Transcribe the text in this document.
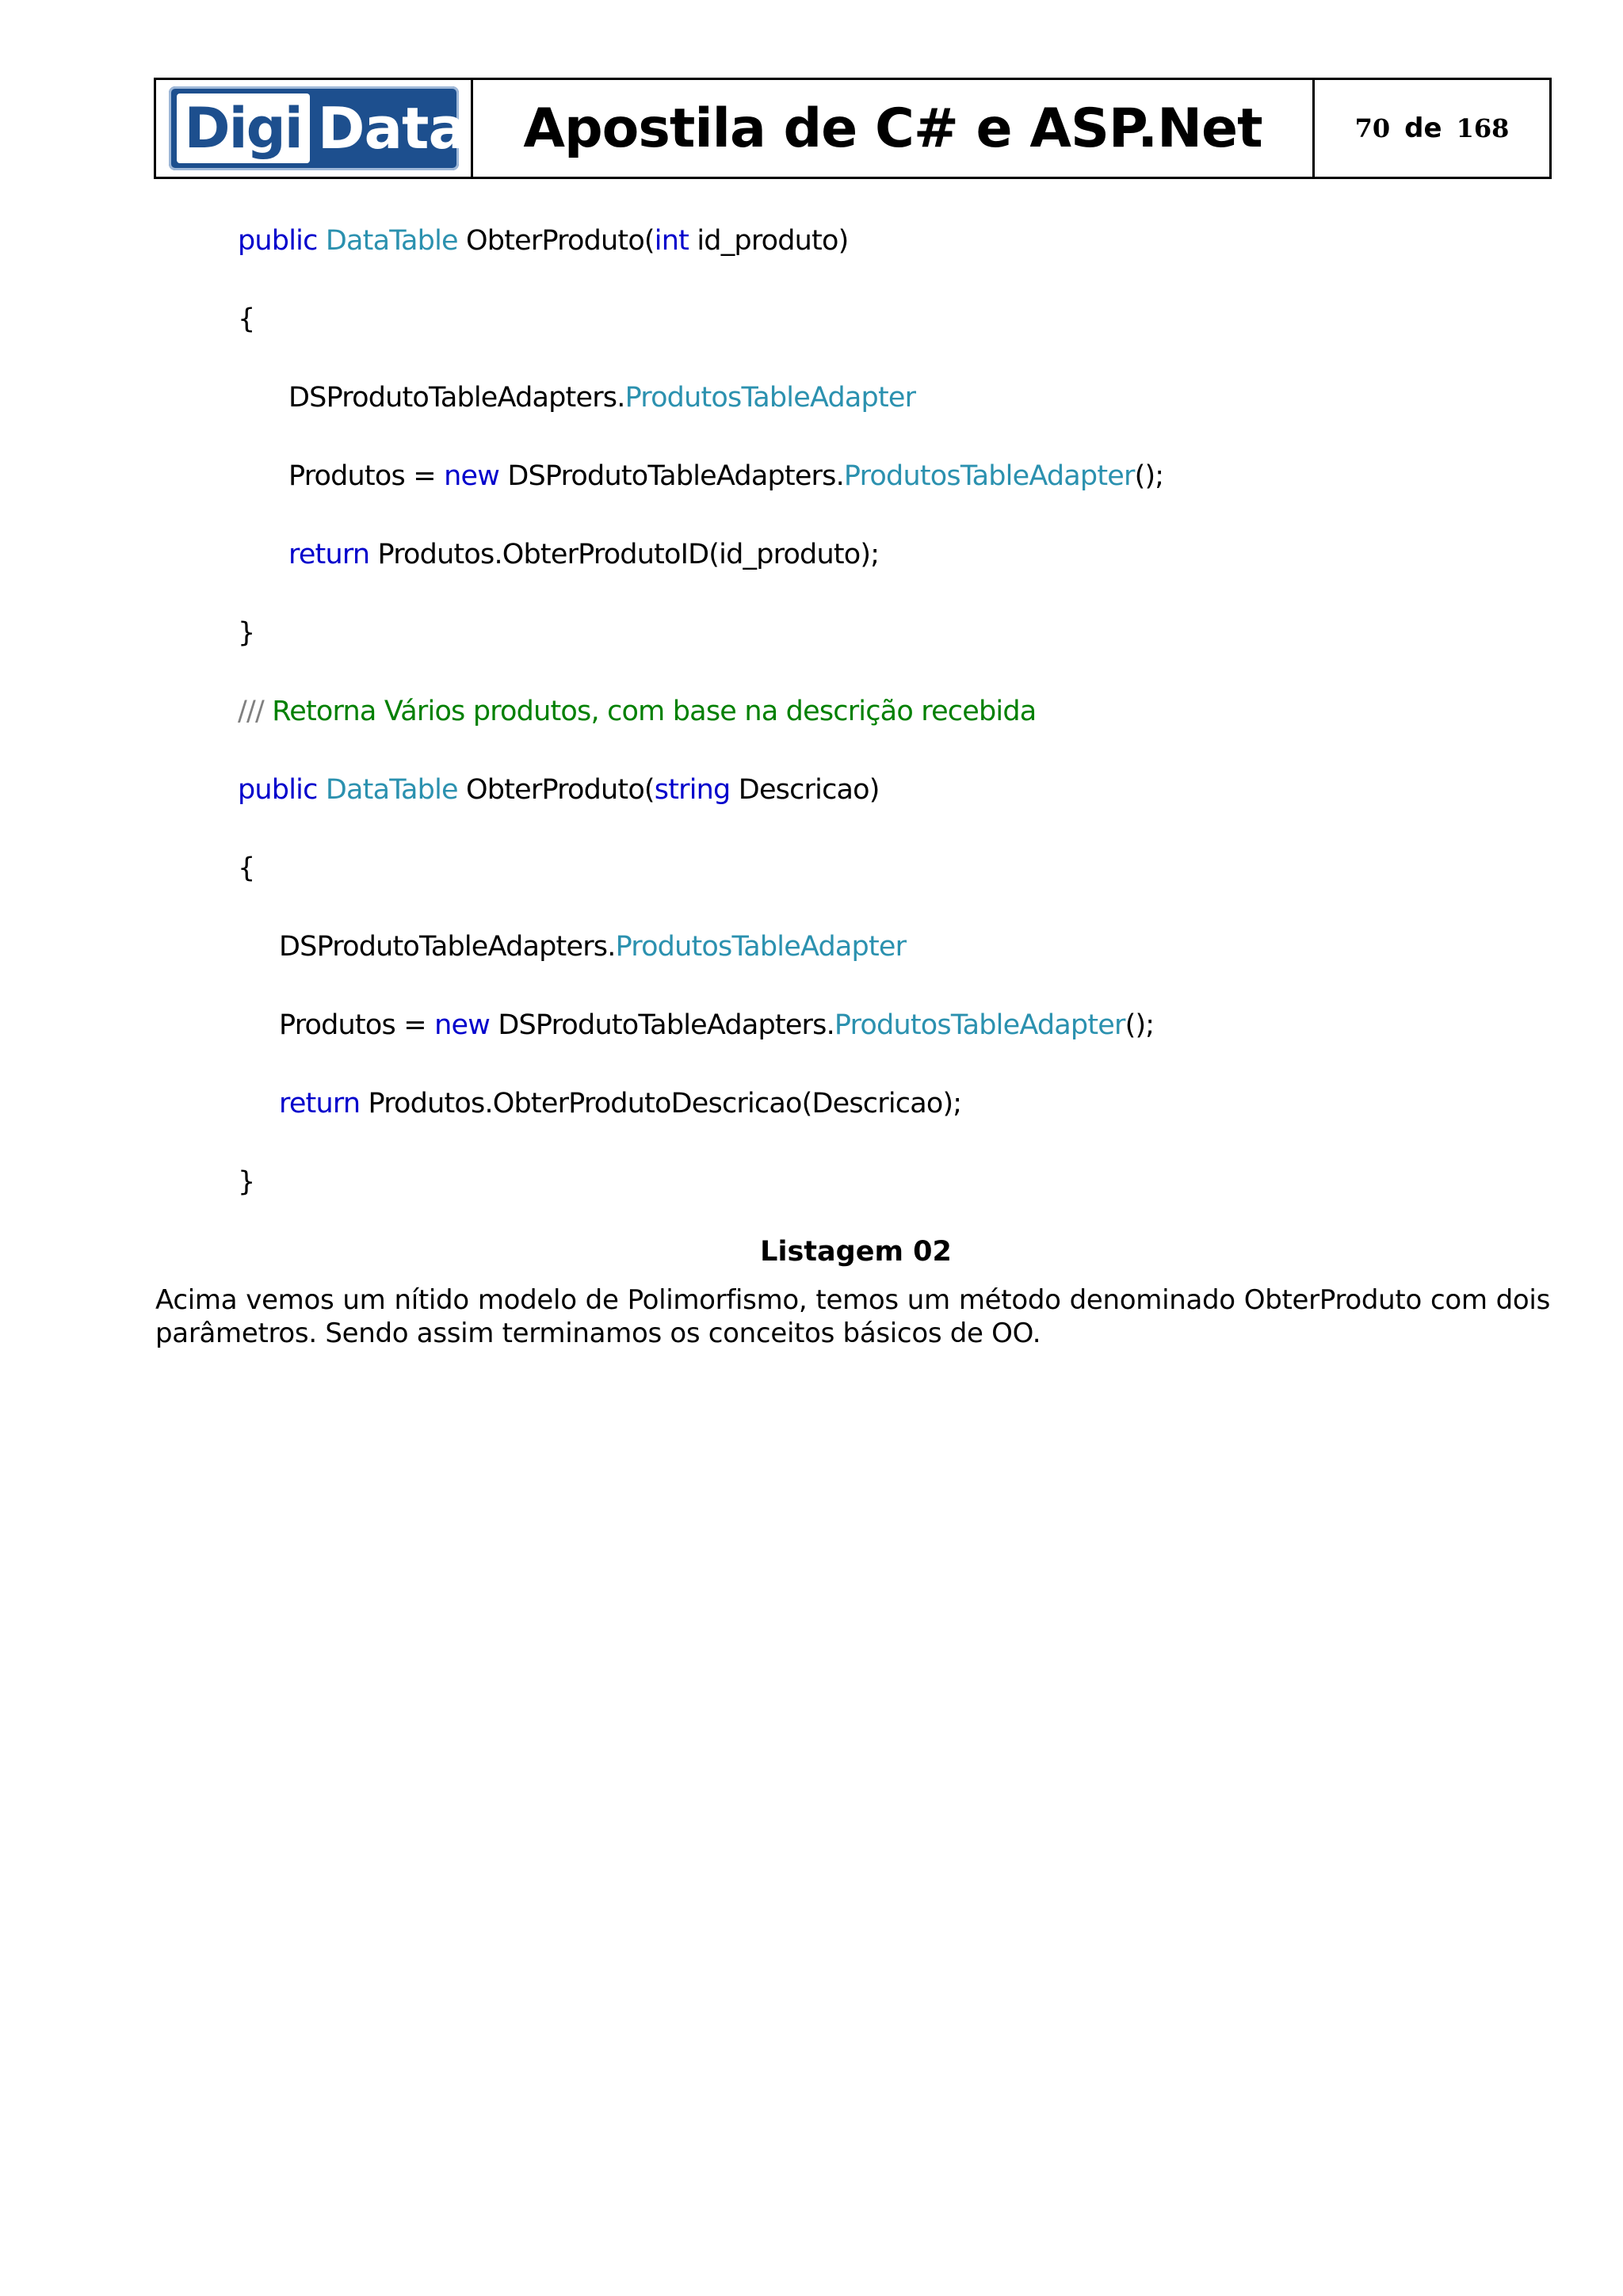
Digi Data Apostila de C# e ASP.Net	70 de 168
public DataTable ObterProduto(int id_produto)
{
DSProdutoTableAdapters.ProdutosTableAdapter
Produtos = new DSProdutoTableAdapters.ProdutosTableAdapter();
return Produtos.ObterProdutoID(id_produto);
}
/// Retorna Vários produtos, com base na descrição recebida
public DataTable ObterProduto(string Descricao)
{
DSProdutoTableAdapters.ProdutosTableAdapter
Produtos = new DSProdutoTableAdapters.ProdutosTableAdapter();
return Produtos.ObterProdutoDescricao(Descricao);
}
Listagem 02
Acima vemos um nítido modelo de Polimorfismo, temos um método denominado ObterProduto com dois parâmetros. Sendo assim terminamos os conceitos básicos de OO.
